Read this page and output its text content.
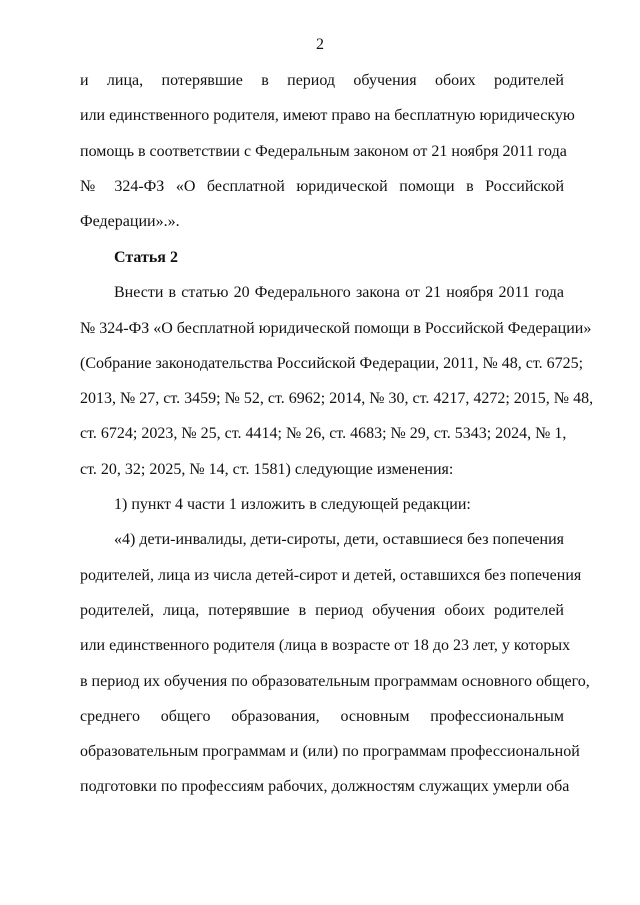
2
и лица, потерявшие в период обучения обоих родителей
или единственного родителя, имеют право на бесплатную юридическую
помощь в соответствии с Федеральным законом от 21 ноября 2011 года
№ 324-ФЗ «О бесплатной юридической помощи в Российской
Федерации».».
Статья 2
Внести в статью 20 Федерального закона от 21 ноября 2011 года
№ 324-ФЗ «О бесплатной юридической помощи в Российской Федерации»
(Собрание законодательства Российской Федерации, 2011, № 48, ст. 6725;
2013, № 27, ст. 3459; № 52, ст. 6962; 2014, № 30, ст. 4217, 4272; 2015, № 48,
ст. 6724; 2023, № 25, ст. 4414; № 26, ст. 4683; № 29, ст. 5343; 2024, № 1,
ст. 20, 32; 2025, № 14, ст. 1581) следующие изменения:
1) пункт 4 части 1 изложить в следующей редакции:
«4) дети-инвалиды, дети-сироты, дети, оставшиеся без попечения
родителей, лица из числа детей-сирот и детей, оставшихся без попечения
родителей, лица, потерявшие в период обучения обоих родителей
или единственного родителя (лица в возрасте от 18 до 23 лет, у которых
в период их обучения по образовательным программам основного общего,
среднего общего образования, основным профессиональным
образовательным программам и (или) по программам профессиональной
подготовки по профессиям рабочих, должностям служащих умерли оба
